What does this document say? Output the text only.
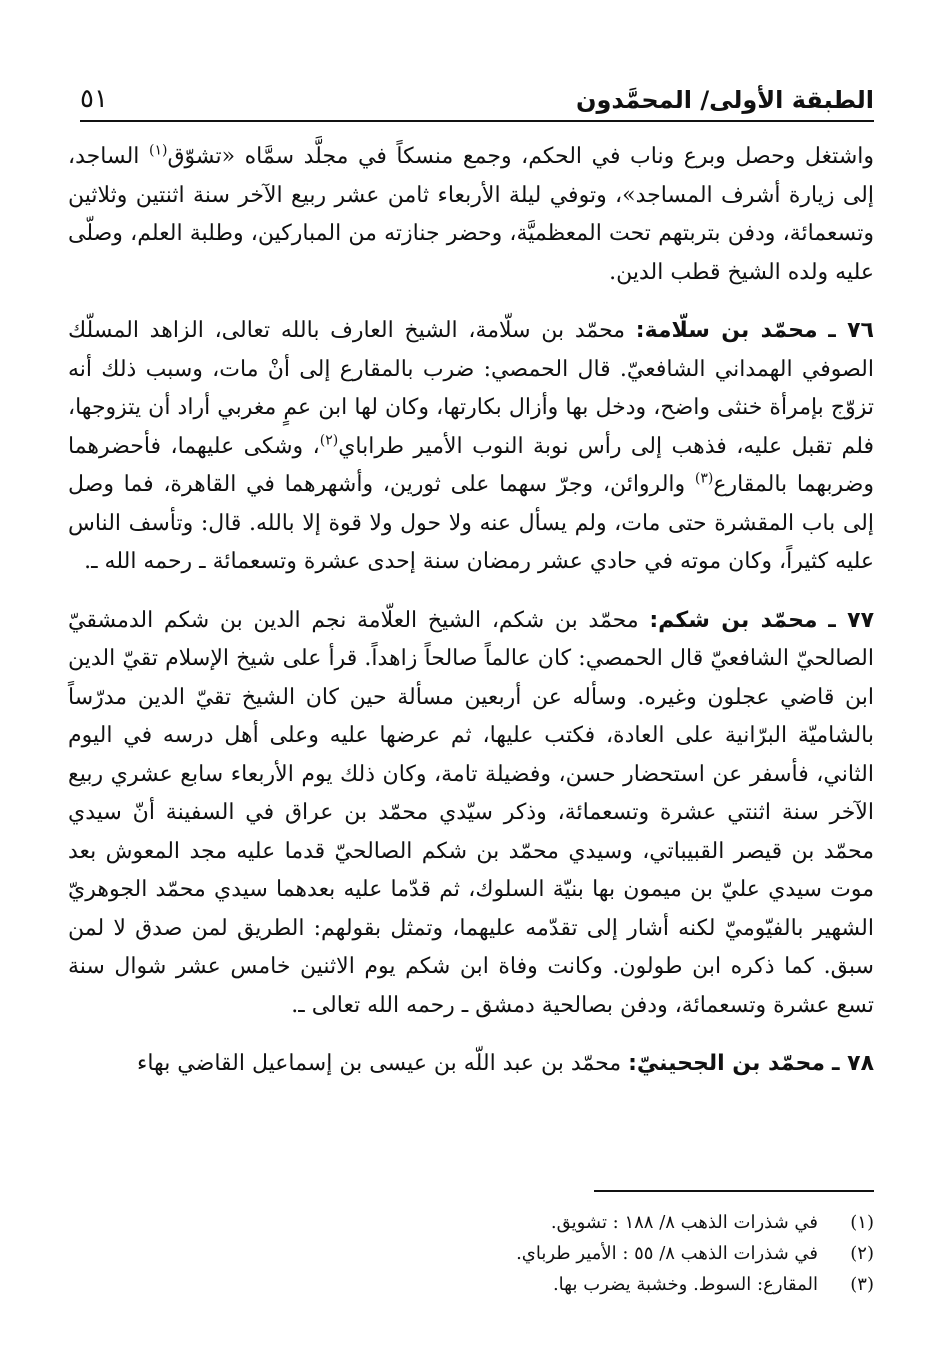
الطبقة الأولى/ المحمَّدون
٥١

واشتغل وحصل وبرع وناب في الحكم، وجمع منسكاً في مجلَّد سمَّاه «تشوّق$^{(١)}$ الساجد، إلى زيارة أشرف المساجد»، وتوفي ليلة الأربعاء ثامن عشر ربيع الآخر سنة اثنتين وثلاثين وتسعمائة، ودفن بتربتهم تحت المعظميَّة، وحضر جنازته من المباركين، وطلبة العلم، وصلّى عليه ولده الشيخ قطب الدين.

٧٦ ـ محمّد بن سلّامة: محمّد بن سلّامة، الشيخ العارف بالله تعالى، الزاهد المسلّك الصوفي الهمداني الشافعيّ. قال الحمصي: ضرب بالمقارع إلى أنْ مات، وسبب ذلك أنه تزوّج بإمرأة خنثى واضح، ودخل بها وأزال بكارتها، وكان لها ابن عمٍ مغربي أراد أن يتزوجها، فلم تقبل عليه، فذهب إلى رأس نوبة النوب الأمير طراباي$^{(٢)}$، وشكى عليهما، فأحضرهما وضربهما بالمقارع$^{(٣)}$ والروائن، وجرّ سهما على ثورين، وأشهرهما في القاهرة، فما وصل إلى باب المقشرة حتى مات، ولم يسأل عنه ولا حول ولا قوة إلا بالله. قال: وتأسف الناس عليه كثيراً، وكان موته في حادي عشر رمضان سنة إحدى عشرة وتسعمائة ـ رحمه الله ـ.

٧٧ ـ محمّد بن شكم: محمّد بن شكم، الشيخ العلّامة نجم الدين بن شكم الدمشقيّ الصالحيّ الشافعيّ قال الحمصي: كان عالماً صالحاً زاهداً. قرأ على شيخ الإسلام تقيّ الدين ابن قاضي عجلون وغيره. وسأله عن أربعين مسألة حين كان الشيخ تقيّ الدين مدرّساً بالشاميّة البرّانية على العادة، فكتب عليها، ثم عرضها عليه وعلى أهل درسه في اليوم الثاني، فأسفر عن استحضار حسن، وفضيلة تامة، وكان ذلك يوم الأربعاء سابع عشري ربيع الآخر سنة اثنتي عشرة وتسعمائة، وذكر سيّدي محمّد بن عراق في السفينة أنّ سيدي محمّد بن قيصر القبيباتي، وسيدي محمّد بن شكم الصالحيّ قدما عليه مجد المعوش بعد موت سيدي عليّ بن ميمون بها بنيّة السلوك، ثم قدّما عليه بعدهما سيدي محمّد الجوهريّ الشهير بالفيّوميّ لكنه أشار إلى تقدّمه عليهما، وتمثل بقولهم: الطريق لمن صدق لا لمن سبق. كما ذكره ابن طولون. وكانت وفاة ابن شكم يوم الاثنين خامس عشر شوال سنة تسع عشرة وتسعمائة، ودفن بصالحية دمشق ـ رحمه الله تعالى ـ.

٧٨ ـ محمّد بن الجحينيّ: محمّد بن عبد اللّه بن عيسى بن إسماعيل القاضي بهاء

(١)في شذرات الذهب ٨/ ١٨٨ : تشويق.
(٢)في شذرات الذهب ٨/ ٥٥ : الأمير طرباي.
(٣)المقارع: السوط. وخشبة يضرب بها.
